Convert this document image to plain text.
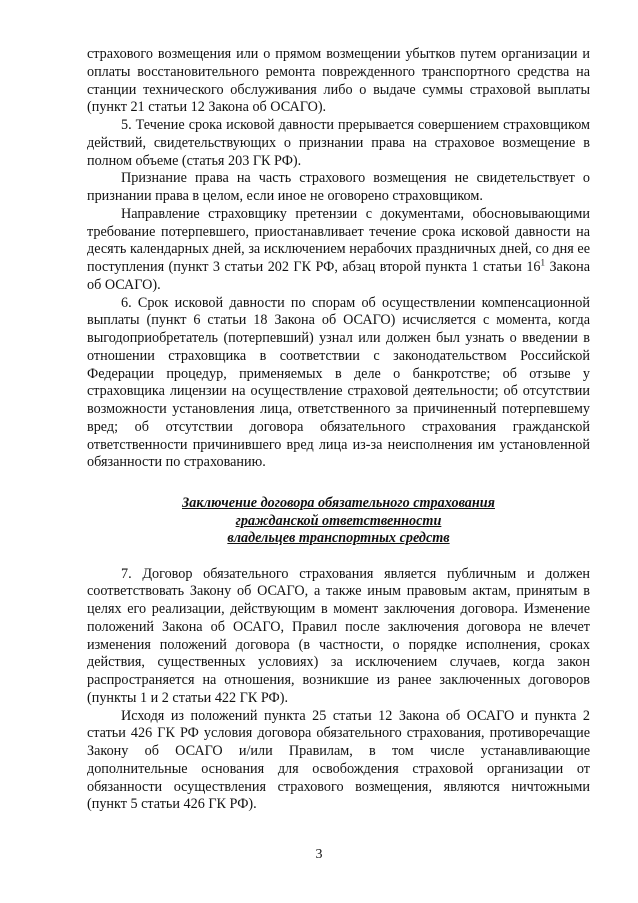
страхового возмещения или о прямом возмещении убытков путем организации и оплаты восстановительного ремонта поврежденного транспортного средства на станции технического обслуживания либо о выдаче суммы страховой выплаты (пункт 21 статьи 12 Закона об ОСАГО).

5. Течение срока исковой давности прерывается совершением страховщиком действий, свидетельствующих о признании права на страховое возмещение в полном объеме (статья 203 ГК РФ).

Признание права на часть страхового возмещения не свидетельствует о признании права в целом, если иное не оговорено страховщиком.

Направление страховщику претензии с документами, обосновывающими требование потерпевшего, приостанавливает течение срока исковой давности на десять календарных дней, за исключением нерабочих праздничных дней, со дня ее поступления (пункт 3 статьи 202 ГК РФ, абзац второй пункта 1 статьи $16^1$ Закона об ОСАГО).

6. Срок исковой давности по спорам об осуществлении компенсационной выплаты (пункт 6 статьи 18 Закона об ОСАГО) исчисляется с момента, когда выгодоприобретатель (потерпевший) узнал или должен был узнать о введении в отношении страховщика в соответствии с законодательством Российской Федерации процедур, применяемых в деле о банкротстве; об отзыве у страховщика лицензии на осуществление страховой деятельности; об отсутствии возможности установления лица, ответственного за причиненный потерпевшему вред; об отсутствии договора обязательного страхования гражданской ответственности причинившего вред лица из-за неисполнения им установленной обязанности по страхованию.

Заключение договора обязательного страхования
гражданской ответственности
владельцев транспортных средств

7. Договор обязательного страхования является публичным и должен соответствовать Закону об ОСАГО, а также иным правовым актам, принятым в целях его реализации, действующим в момент заключения договора. Изменение положений Закона об ОСАГО, Правил после заключения договора не влечет изменения положений договора (в частности, о порядке исполнения, сроках действия, существенных условиях) за исключением случаев, когда закон распространяется на отношения, возникшие из ранее заключенных договоров (пункты 1 и 2 статьи 422 ГК РФ).

Исходя из положений пункта 25 статьи 12 Закона об ОСАГО и пункта 2 статьи 426 ГК РФ условия договора обязательного страхования, противоречащие Закону об ОСАГО и/или Правилам, в том числе устанавливающие дополнительные основания для освобождения страховой организации от обязанности осуществления страхового возмещения, являются ничтожными (пункт 5 статьи 426 ГК РФ).

3
